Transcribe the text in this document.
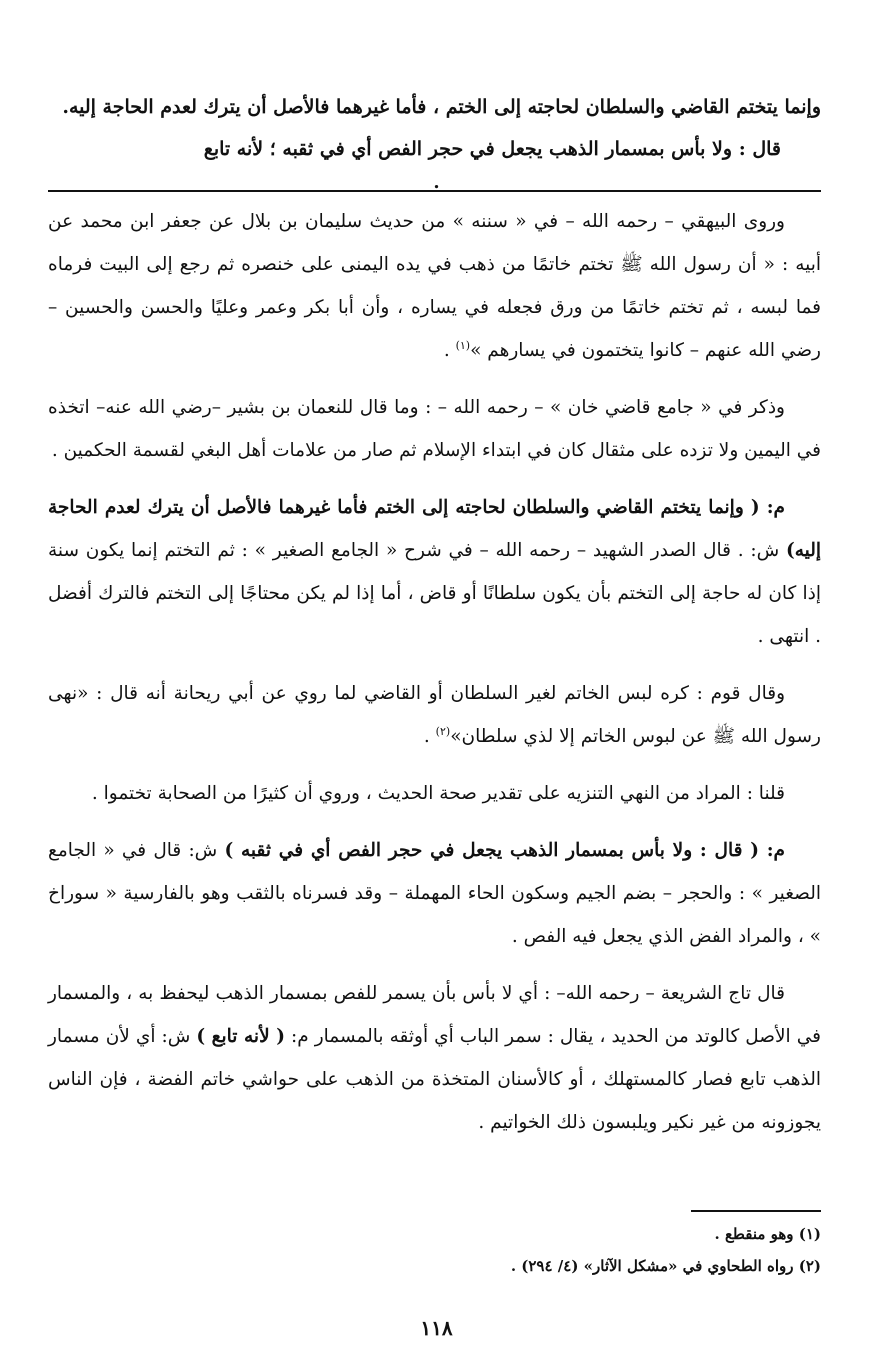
وإنما يتختم القاضي والسلطان لحاجته إلى الختم ، فأما غيرهما فالأصل أن يترك لعدم الحاجة إليه.

قال : ولا بأس بمسمار الذهب يجعل في حجر الفص أي في ثقبه ؛ لأنه تابع

.

وروى البيهقي – رحمه الله – في « سننه » من حديث سليمان بن بلال عن جعفر ابن محمد عن أبيه : « أن رسول الله ﷺ تختم خاتمًا من ذهب في يده اليمنى على خنصره ثم رجع إلى البيت فرماه فما لبسه ، ثم تختم خاتمًا من ورق فجعله في يساره ، وأن أبا بكر وعمر وعليًا والحسن والحسين – رضي الله عنهم – كانوا يتختمون في يسارهم »$^{(١)}$ .

وذكر في « جامع قاضي خان » – رحمه الله – : وما قال للنعمان بن بشير –رضي الله عنه– اتخذه في اليمين ولا تزده على مثقال كان في ابتداء الإسلام ثم صار من علامات أهل البغي لقسمة الحكمين .

م: ( وإنما يتختم القاضي والسلطان لحاجته إلى الختم فأما غيرهما فالأصل أن يترك لعدم الحاجة إليه) ش: . قال الصدر الشهيد – رحمه الله – في شرح « الجامع الصغير » : ثم التختم إنما يكون سنة إذا كان له حاجة إلى التختم بأن يكون سلطانًا أو قاض ، أما إذا لم يكن محتاجًا إلى التختم فالترك أفضل . انتهى .

وقال قوم : كره لبس الخاتم لغير السلطان أو القاضي لما روي عن أبي ريحانة أنه قال : «نهى رسول الله ﷺ عن لبوس الخاتم إلا لذي سلطان»$^{(٢)}$ .

قلنا : المراد من النهي التنزيه على تقدير صحة الحديث ، وروي أن كثيرًا من الصحابة تختموا .

م: ( قال : ولا بأس بمسمار الذهب يجعل في حجر الفص أي في ثقبه ) ش: قال في « الجامع الصغير » : والحجر – بضم الجيم وسكون الحاء المهملة – وقد فسرناه بالثقب وهو بالفارسية « سوراخ » ، والمراد الفض الذي يجعل فيه الفص .

قال تاج الشريعة – رحمه الله– : أي لا بأس بأن يسمر للفص بمسمار الذهب ليحفظ به ، والمسمار في الأصل كالوتد من الحديد ، يقال : سمر الباب أي أوثقه بالمسمار م: ( لأنه تابع ) ش: أي لأن مسمار الذهب تابع فصار كالمستهلك ، أو كالأسنان المتخذة من الذهب على حواشي خاتم الفضة ، فإن الناس يجوزونه من غير نكير ويلبسون ذلك الخواتيم .

(١) وهو منقطع .
(٢) رواه الطحاوي في «مشكل الآثار» (٤/ ٢٩٤) .
١١٨
